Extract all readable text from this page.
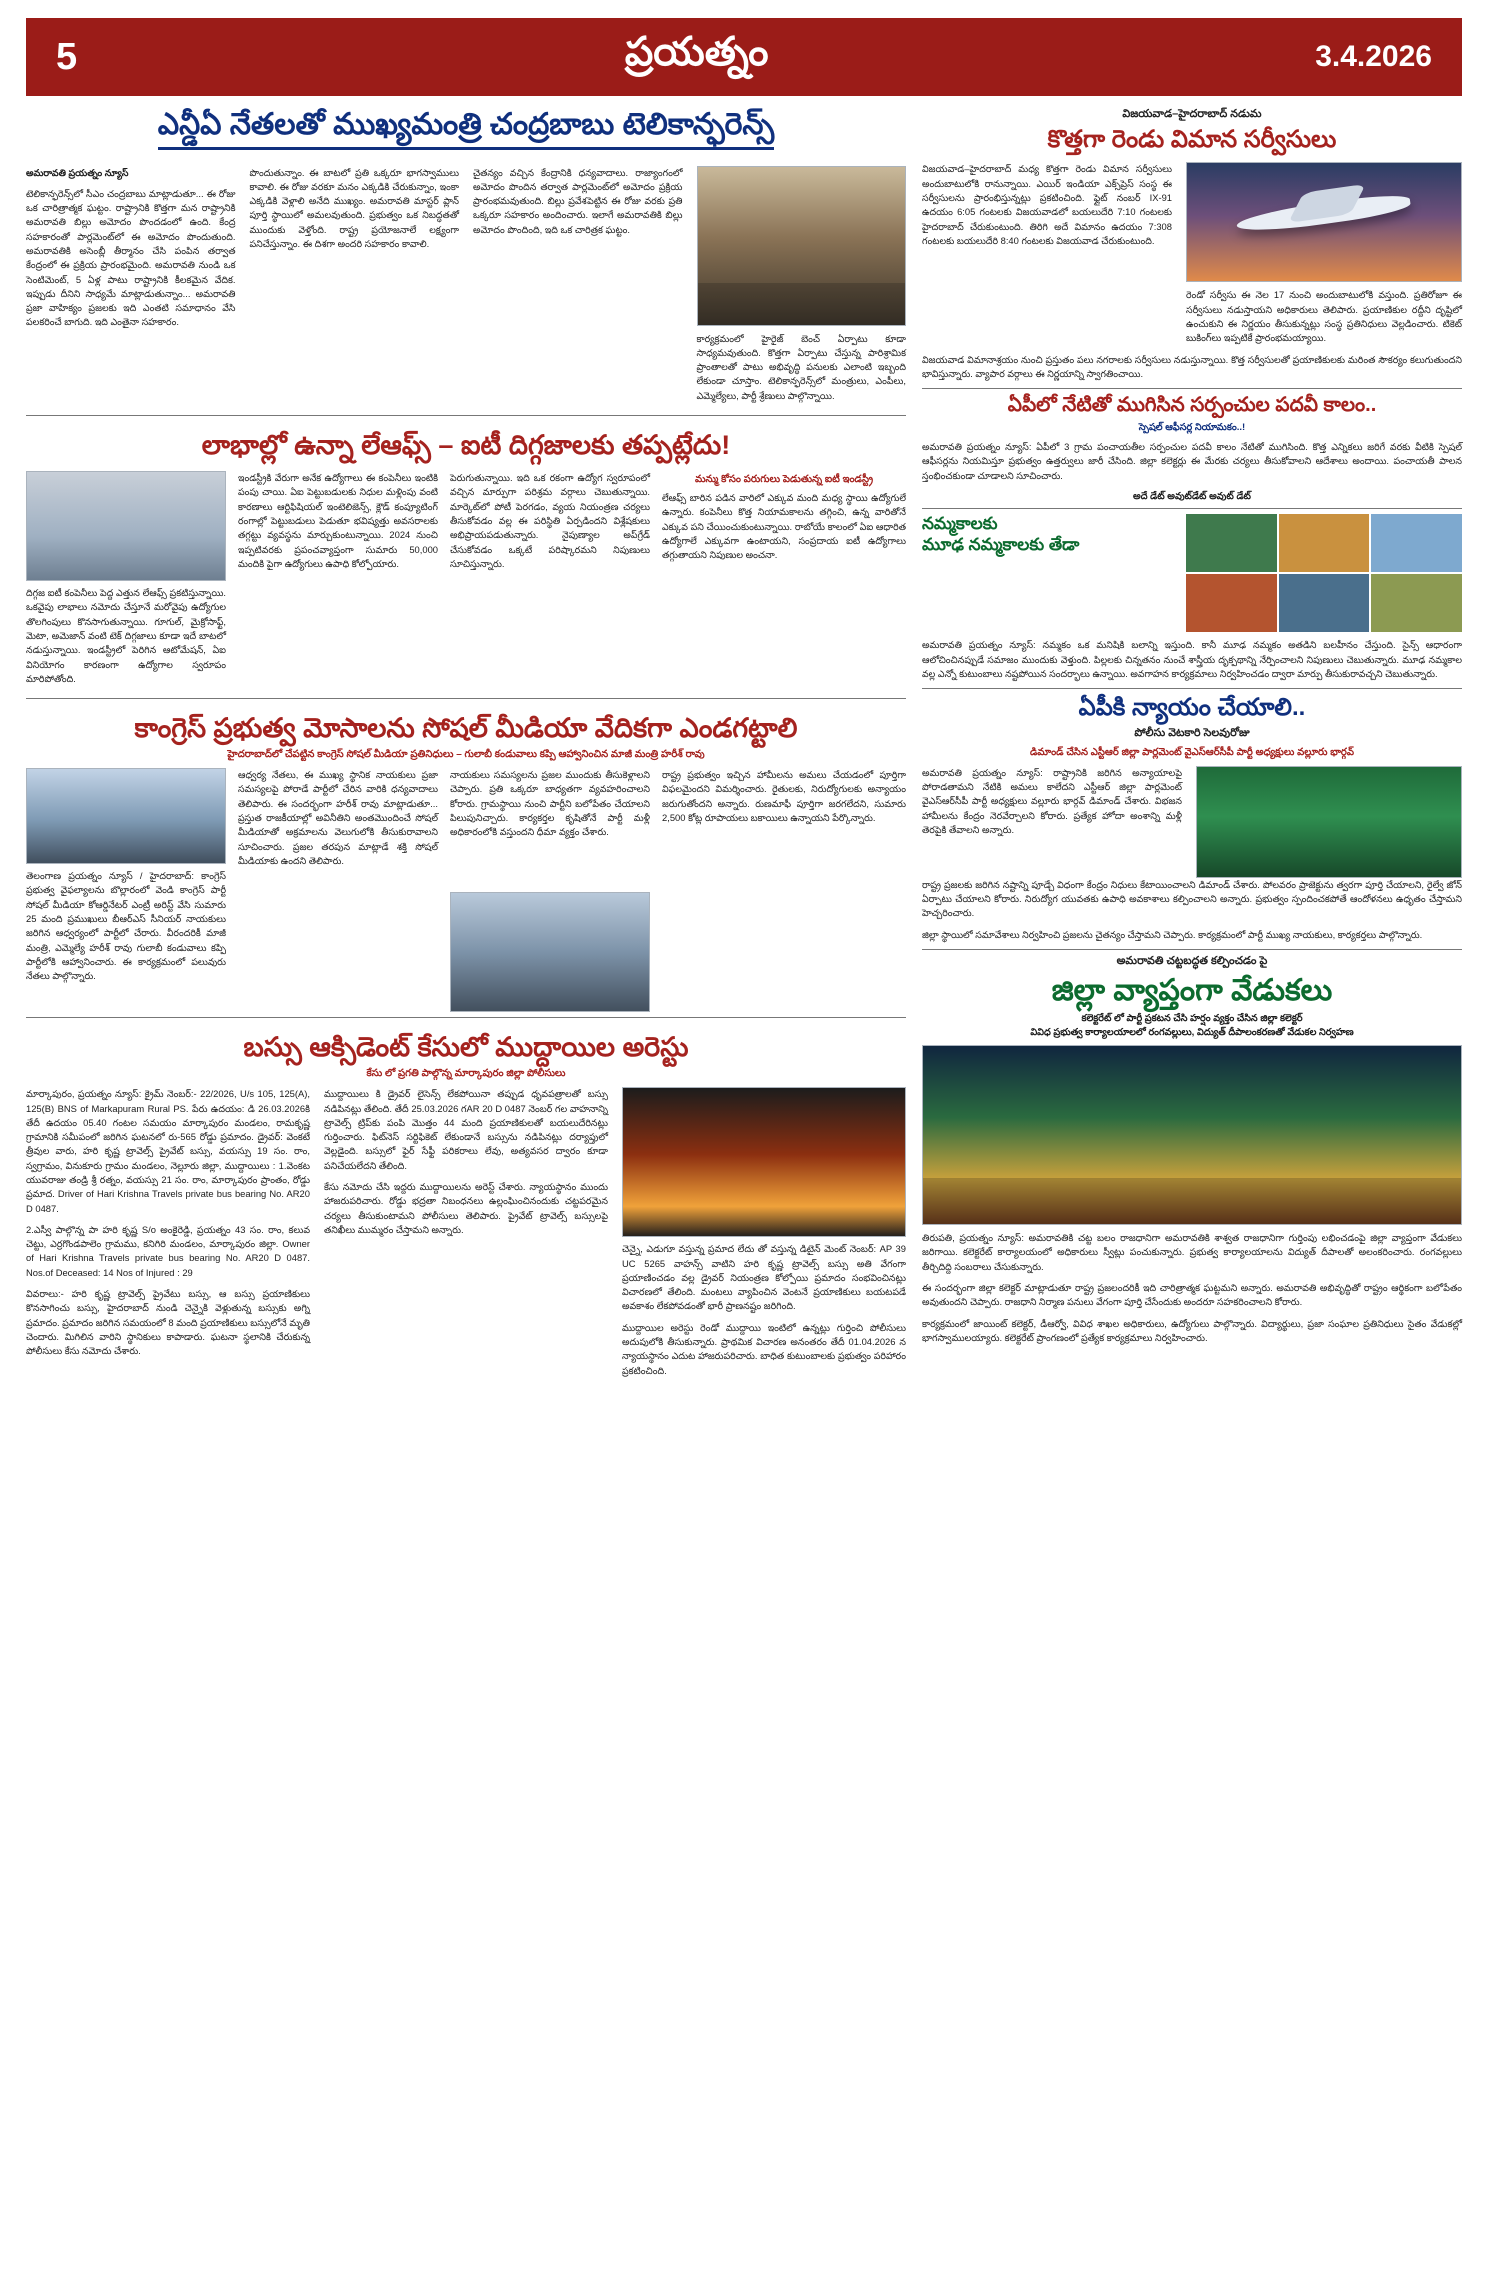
5	ప్రయత్నం	3.4.2026
ఎన్డీఏ నేతలతో ముఖ్యమంత్రి చంద్రబాబు టెలికాన్ఫరెన్స్

అమరావతి ప్రయత్నం న్యూస్

టెలికాన్ఫరెన్స్‌లో సీఎం చంద్రబాబు మాట్లాడుతూ... ఈ రోజు ఒక చారిత్రాత్మక ఘట్టం. రాష్ట్రానికి కొత్తగా మన రాష్ట్రానికి అమరావతి బిల్లు అమోదం పొందడంలో ఉంది. కేంద్ర సహకారంతో పార్లమెంట్‌లో ఈ అమోదం పొందుతుంది. అమరావతికి అసెంబ్లీ తీర్మానం చేసి పంపిన తర్వాత కేంద్రంలో ఈ ప్రక్రియ ప్రారంభమైంది. అమరావతి నుండి ఒక సెంటిమెంట్, 5 ఏళ్ల పాటు రాష్ట్రానికి కీలకమైన వేదిక. ఇప్పుడు దీనిని సాధ్యమే మాట్లాడుతున్నాం... అమరావతి ప్రజా వాహిక్యం ప్రజలకు ఇది ఎంతటి సమాధానం వేసి పలకరించే బాగుది. ఇది ఎంతైనా సహకారం.

పొందుతున్నాం. ఈ బాటలో ప్రతి ఒక్కరూ భాగస్వాములు కావాలి. ఈ రోజు వరకూ మనం ఎక్కడికి చేరుకున్నాం, ఇంకా ఎక్కడికి వెళ్లాలి అనేది ముఖ్యం. అమరావతి మాస్టర్ ప్లాన్ పూర్తి స్థాయిలో అమలవుతుంది. ప్రభుత్వం ఒక నిబద్ధతతో ముందుకు వెళ్తోంది. రాష్ట్ర ప్రయోజనాలే లక్ష్యంగా పనిచేస్తున్నాం. ఈ దిశగా అందరి సహకారం కావాలి.

చైతన్యం వచ్చిన కేంద్రానికి ధన్యవాదాలు. రాజ్యాంగంలో అమోదం పొందిన తర్వాత పార్లమెంట్‌లో అమోదం ప్రక్రియ ప్రారంభమవుతుంది. బిల్లు ప్రవేశపెట్టిన ఈ రోజు వరకు ప్రతి ఒక్కరూ సహకారం అందించారు. ఇలాగే అమరావతికి బిల్లు అమోదం పొందింది, ఇది ఒక చారిత్రక ఘట్టం.

కార్యక్రమంలో హైరైజ్ బెంచ్ ఏర్పాటు కూడా సాధ్యమవుతుంది. కొత్తగా ఏర్పాటు చేస్తున్న పారిశ్రామిక ప్రాంతాలతో పాటు అభివృద్ధి పనులకు ఎలాంటి ఇబ్బంది లేకుండా చూస్తాం. టెలికాన్ఫరెన్స్‌లో మంత్రులు, ఎంపీలు, ఎమ్మెల్యేలు, పార్టీ శ్రేణులు పాల్గొన్నాయి.

లాభాల్లో ఉన్నా లేఆఫ్స్ – ఐటీ దిగ్గజాలకు తప్పట్లేదు!

దిగ్గజ ఐటీ కంపెనీలు పెద్ద ఎత్తున లేఆఫ్స్ ప్రకటిస్తున్నాయి. ఒకవైపు లాభాలు నమోదు చేస్తూనే మరోవైపు ఉద్యోగుల తొలగింపులు కొనసాగుతున్నాయి. గూగుల్, మైక్రోసాఫ్ట్, మెటా, అమెజాన్ వంటి టెక్ దిగ్గజాలు కూడా ఇదే బాటలో నడుస్తున్నాయి. ఇండస్ట్రీలో పెరిగిన ఆటోమేషన్, ఏఐ వినియోగం కారణంగా ఉద్యోగాల స్వరూపం మారిపోతోంది.

ఇండస్ట్రీకి వేరుగా అనేక ఉద్యోగాలు ఈ కంపెనీలు ఇంటికి పంపు చాయి. ఏఐ పెట్టుబడులకు నిధుల మళ్లింపు వంటి కారణాలు ఆర్టిఫిషియల్ ఇంటెలిజెన్స్, క్లౌడ్ కంప్యూటింగ్ రంగాల్లో పెట్టుబడులు పెడుతూ భవిష్యత్తు అవసరాలకు తగ్గట్టు వ్యవస్థను మార్చుకుంటున్నాయి. 2024 నుంచి ఇప్పటివరకు ప్రపంచవ్యాప్తంగా సుమారు 50,000 మందికి పైగా ఉద్యోగులు ఉపాధి కోల్పోయారు.

పెరుగుతున్నాయి. ఇది ఒక రకంగా ఉద్యోగ స్వరూపంలో వచ్చిన మార్పుగా పరిశ్రమ వర్గాలు చెబుతున్నాయి. మార్కెట్‌లో పోటీ పెరగడం, వ్యయ నియంత్రణ చర్యలు తీసుకోవడం వల్ల ఈ పరిస్థితి ఏర్పడిందని విశ్లేషకులు అభిప్రాయపడుతున్నారు. నైపుణ్యాల అప్‌గ్రేడ్ చేసుకోవడం ఒక్కటే పరిష్కారమని నిపుణులు సూచిస్తున్నారు.

మన్ము కోసం పరుగులు పెడుతున్న ఐటీ ఇండస్ట్రీ

లేఆఫ్స్ బారిన పడిన వారిలో ఎక్కువ మంది మధ్య స్థాయి ఉద్యోగులే ఉన్నారు. కంపెనీలు కొత్త నియామకాలను తగ్గించి, ఉన్న వారితోనే ఎక్కువ పని చేయించుకుంటున్నాయి. రాబోయే కాలంలో ఏఐ ఆధారిత ఉద్యోగాలే ఎక్కువగా ఉంటాయని, సంప్రదాయ ఐటీ ఉద్యోగాలు తగ్గుతాయని నిపుణుల అంచనా.

కాంగ్రెస్ ప్రభుత్వ మోసాలను సోషల్ మీడియా వేదికగా ఎండగట్టాలి
హైదరాబాద్‌లో చేపట్టిన కాంగ్రెస్ సోషల్ మీడియా ప్రతినిధులు – గులాబీ కండువాలు కప్పి ఆహ్వానించిన మాజీ మంత్రి హరీశ్ రావు

తెలంగాణ ప్రయత్నం న్యూస్ / హైదరాబాద్: కాంగ్రెస్ ప్రభుత్వ వైఫల్యాలను బొల్లారంలో వెండి కాంగ్రెస్ పార్టీ సోషల్ మీడియా కోఆర్డినేటర్ ఎంట్రీ అరిస్ట్ వేసి సుమారు 25 మంది ప్రముఖులు బీఆర్ఎస్ సీనియర్ నాయకులు జరిగిన ఆధ్వర్యంలో పార్టీలో చేరారు. వీరందరికీ మాజీ మంత్రి, ఎమ్మెల్యే హరీశ్ రావు గులాబీ కండువాలు కప్పి పార్టీలోకి ఆహ్వానించారు. ఈ కార్యక్రమంలో పలువురు నేతలు పాల్గొన్నారు.

ఆధ్వర్య నేతలు, ఈ ముఖ్య స్థానిక నాయకులు ప్రజా సమస్యలపై పోరాడే పార్టీలో చేరిన వారికి ధన్యవాదాలు తెలిపారు. ఈ సందర్భంగా హరీశ్ రావు మాట్లాడుతూ... ప్రస్తుత రాజకీయాల్లో అవినీతిని అంతమొందించే సోషల్ మీడియాతో అక్రమాలను వెలుగులోకి తీసుకురావాలని సూచించారు. ప్రజల తరపున మాట్లాడే శక్తి సోషల్ మీడియాకు ఉందని తెలిపారు.

నాయకులు సమస్యలను ప్రజల ముందుకు తీసుకెళ్లాలని చెప్పారు. ప్రతి ఒక్కరూ బాధ్యతగా వ్యవహరించాలని కోరారు. గ్రామస్థాయి నుంచి పార్టీని బలోపేతం చేయాలని పిలుపునిచ్చారు. కార్యకర్తల కృషితోనే పార్టీ మళ్లీ అధికారంలోకి వస్తుందని ధీమా వ్యక్తం చేశారు.

రాష్ట్ర ప్రభుత్వం ఇచ్చిన హామీలను అమలు చేయడంలో పూర్తిగా విఫలమైందని విమర్శించారు. రైతులకు, నిరుద్యోగులకు అన్యాయం జరుగుతోందని అన్నారు. రుణమాఫీ పూర్తిగా జరగలేదని, సుమారు 2,500 కోట్ల రూపాయలు బకాయిలు ఉన్నాయని పేర్కొన్నారు.

బస్సు ఆక్సిడెంట్ కేసులో ముద్దాయిల అరెస్టు
కేసు లో ప్రగతి పాల్గొన్న మార్కాపురం జిల్లా పోలీసులు

మార్కాపురం, ప్రయత్నం న్యూస్: క్రైమ్ నెంబర్:- 22/2026, U/s 105, 125(A), 125(B) BNS of Markapuram Rural PS. పేరు ఉదయం: డి 26.03.2026కి తేదీ ఉదయం 05.40 గంటల సమయం మార్కాపురం మండలం, రామకృష్ణ గ్రామానికి సమీపంలో జరిగిన ఘటనలో రు-565 రోడ్డు ప్రమాదం. డ్రైవర్: వెంకటే త్రీవుల వారు, హరి కృష్ణ ట్రావెల్స్ ప్రైవేట్ బస్సు, వయస్సు 19 సం. రాం, స్వగ్రామం, వినుకూరు గ్రామం మండలం, నెల్లూరు జిల్లా, ముద్దాయిలు : 1.వెంకట యువరాజు తండ్రి శ్రీ రత్నం, వయస్సు 21 సం. రాం, మార్కాపురం ప్రాంతం, రోడ్డు ప్రమాద. Driver of Hari Krishna Travels private bus bearing No. AR20 D 0487.

2.ఎస్వీ పాల్గొన్న పా హరి కృష్ణ S/o అంకైరెడ్డి, ప్రయత్నం 43 సం. రాం, కలువ చెట్టు, ఎర్రగొండపాలెం గ్రామము, కనిగిరి మండలం, మార్కాపురం జిల్లా. Owner of Hari Krishna Travels private bus bearing No. AR20 D 0487. Nos.of Deceased: 14 Nos of Injured : 29

వివరాలు:- హరి కృష్ణ ట్రావెల్స్ ప్రైవేటు బస్సు, ఆ బస్సు ప్రయాణికులు కొనసాగించు బస్సు, హైదరాబాద్ నుండి చెన్నైకి వెళ్లుతున్న బస్సుకు అగ్ని ప్రమాదం. ప్రమాదం జరిగిన సమయంలో 8 మంది ప్రయాణికులు బస్సులోనే మృతి చెందారు. మిగిలిన వారిని స్థానికులు కాపాడారు. ఘటనా స్థలానికి చేరుకున్న పోలీసులు కేసు నమోదు చేశారు.

ముద్దాయిలు కి డ్రైవర్ లైసెన్స్ లేకపోయినా తప్పుడ ధృవపత్రాలతో బస్సు నడిపినట్లు తేలింది. తేదీ 25.03.2026 గAR 20 D 0487 నెంబర్ గల వాహనాన్ని ట్రావెల్స్ ట్రిప్‌కు పంపి మొత్తం 44 మంది ప్రయాణికులతో బయలుదేరినట్లు గుర్తించారు. ఫిట్‌నెస్ సర్టిఫికెట్ లేకుండానే బస్సును నడిపినట్లు దర్యాప్తులో వెల్లడైంది. బస్సులో ఫైర్ సేఫ్టీ పరికరాలు లేవు, అత్యవసర ద్వారం కూడా పనిచేయలేదని తేలింది.

కేసు నమోదు చేసి ఇద్దరు ముద్దాయిలను అరెస్ట్ చేశారు. న్యాయస్థానం ముందు హాజరుపరిచారు. రోడ్డు భద్రతా నిబంధనలు ఉల్లంఘించినందుకు చట్టపరమైన చర్యలు తీసుకుంటామని పోలీసులు తెలిపారు. ప్రైవేట్ ట్రావెల్స్ బస్సులపై తనిఖీలు ముమ్మరం చేస్తామని అన్నారు.

చెన్నై, ఎడుగూ వస్తున్న ప్రమాద లేదు తో వస్తున్న డిటైన్ మెంట్ నెంబర్: AP 39 UC 5265 వాహన్స్ వాటిని హరి కృష్ణ ట్రావెల్స్ బస్సు అతి వేగంగా ప్రయాణించడం వల్ల డ్రైవర్ నియంత్రణ కోల్పోయి ప్రమాదం సంభవించినట్లు విచారణలో తేలింది. మంటలు వ్యాపించిన వెంటనే ప్రయాణికులు బయటపడే అవకాశం లేకపోవడంతో భారీ ప్రాణనష్టం జరిగింది.

ముద్దాయిల అరెస్టు రెండో ముద్దాయి ఇంటిలో ఉన్నట్లు గుర్తించి పోలీసులు అదుపులోకి తీసుకున్నారు. ప్రాథమిక విచారణ అనంతరం తేదీ 01.04.2026 న న్యాయస్థానం ఎదుట హాజరుపరిచారు. బాధిత కుటుంబాలకు ప్రభుత్వం పరిహారం ప్రకటించింది.

విజయవాడ–హైదరాబాద్ నడుమ
కొత్తగా రెండు విమాన సర్వీసులు

విజయవాడ–హైదరాబాద్ మధ్య కొత్తగా రెండు విమాన సర్వీసులు అందుబాటులోకి రానున్నాయి. ఎయిర్ ఇండియా ఎక్స్‌ప్రెస్ సంస్థ ఈ సర్వీసులను ప్రారంభిస్తున్నట్లు ప్రకటించింది. ఫ్లైట్ నంబర్ IX-91 ఉదయం 6:05 గంటలకు విజయవాడలో బయలుదేరి 7:10 గంటలకు హైదరాబాద్ చేరుకుంటుంది. తిరిగి అదే విమానం ఉదయం 7:308 గంటలకు బయలుదేరి 8:40 గంటలకు విజయవాడ చేరుకుంటుంది.

రెండో సర్వీసు ఈ నెల 17 నుంచి అందుబాటులోకి వస్తుంది. ప్రతిరోజూ ఈ సర్వీసులు నడుస్తాయని అధికారులు తెలిపారు. ప్రయాణికుల రద్దీని దృష్టిలో ఉంచుకుని ఈ నిర్ణయం తీసుకున్నట్లు సంస్థ ప్రతినిధులు వెల్లడించారు. టికెట్ బుకింగ్‌లు ఇప్పటికే ప్రారంభమయ్యాయి.

విజయవాడ విమానాశ్రయం నుంచి ప్రస్తుతం పలు నగరాలకు సర్వీసులు నడుస్తున్నాయి. కొత్త సర్వీసులతో ప్రయాణికులకు మరింత సౌకర్యం కలుగుతుందని భావిస్తున్నారు. వ్యాపార వర్గాలు ఈ నిర్ణయాన్ని స్వాగతించాయి.

ఏపీలో నేటితో ముగిసిన సర్పంచుల పదవీ కాలం..
స్పెషల్ ఆఫీసర్ల నియామకం..!

అమరావతి ప్రయత్నం న్యూస్: ఏపీలో 3 గ్రామ పంచాయతీల సర్పంచుల పదవీ కాలం నేటితో ముగిసింది. కొత్త ఎన్నికలు జరిగే వరకు వీటికి స్పెషల్ ఆఫీసర్లను నియమిస్తూ ప్రభుత్వం ఉత్తర్వులు జారీ చేసింది. జిల్లా కలెక్టర్లు ఈ మేరకు చర్యలు తీసుకోవాలని ఆదేశాలు అందాయి. పంచాయతీ పాలన స్తంభించకుండా చూడాలని సూచించారు.

అదే డేట్ అవుట్‌డేట్ అవుట్ డేట్
నమ్మకాలకు
మూఢ నమ్మకాలకు తేడా

అమరావతి ప్రయత్నం న్యూస్: నమ్మకం ఒక మనిషికి బలాన్ని ఇస్తుంది. కానీ మూఢ నమ్మకం అతడిని బలహీనం చేస్తుంది. సైన్స్ ఆధారంగా ఆలోచించినప్పుడే సమాజం ముందుకు వెళ్తుంది. పిల్లలకు చిన్నతనం నుంచే శాస్త్రీయ దృక్పథాన్ని నేర్పించాలని నిపుణులు చెబుతున్నారు. మూఢ నమ్మకాల వల్ల ఎన్నో కుటుంబాలు నష్టపోయిన సందర్భాలు ఉన్నాయి. అవగాహన కార్యక్రమాలు నిర్వహించడం ద్వారా మార్పు తీసుకురావచ్చని చెబుతున్నారు.

ఏపీకి న్యాయం చేయాలి..
పోలీసు వెటకారి సెలవురోజు
డిమాండ్ చేసిన ఎస్టీఆర్ జిల్లా పార్లమెంట్ వైఎస్ఆర్‌సీపీ పార్టీ అధ్యక్షులు వల్లూరు భార్గవ్

అమరావతి ప్రయత్నం న్యూస్: రాష్ట్రానికి జరిగిన అన్యాయాలపై పోరాడతామని నేటికి అమలు కాలేదని ఎస్టీఆర్ జిల్లా పార్లమెంట్ వైఎస్ఆర్‌సీపీ పార్టీ అధ్యక్షులు వల్లూరు భార్గవ్ డిమాండ్ చేశారు. విభజన హామీలను కేంద్రం నెరవేర్చాలని కోరారు. ప్రత్యేక హోదా అంశాన్ని మళ్లీ తెరపైకి తేవాలని అన్నారు.

రాష్ట్ర ప్రజలకు జరిగిన నష్టాన్ని పూడ్చే విధంగా కేంద్రం నిధులు కేటాయించాలని డిమాండ్ చేశారు. పోలవరం ప్రాజెక్టును త్వరగా పూర్తి చేయాలని, రైల్వే జోన్ ఏర్పాటు చేయాలని కోరారు. నిరుద్యోగ యువతకు ఉపాధి అవకాశాలు కల్పించాలని అన్నారు. ప్రభుత్వం స్పందించకపోతే ఆందోళనలు ఉధృతం చేస్తామని హెచ్చరించారు.

జిల్లా స్థాయిలో సమావేశాలు నిర్వహించి ప్రజలను చైతన్యం చేస్తామని చెప్పారు. కార్యక్రమంలో పార్టీ ముఖ్య నాయకులు, కార్యకర్తలు పాల్గొన్నారు.

అమరావతి చట్టబద్ధత కల్పించడం పై
జిల్లా వ్యాప్తంగా వేడుకలు
కలెక్టరేట్ లో పార్టీ ప్రకటన చేసి హర్షం వ్యక్తం చేసిన జిల్లా కలెక్టర్
వివిధ ప్రభుత్వ కార్యాలయాలలో రంగవల్లులు, విద్యుత్ దీపాలంకరణతో వేడుకల నిర్వహణ

తిరుపతి, ప్రయత్నం న్యూస్: అమరావతికి చట్ట బలం రాజధానిగా అమరావతికి శాశ్వత రాజధానిగా గుర్తింపు లభించడంపై జిల్లా వ్యాప్తంగా వేడుకలు జరిగాయి. కలెక్టరేట్ కార్యాలయంలో అధికారులు స్వీట్లు పంచుకున్నారు. ప్రభుత్వ కార్యాలయాలను విద్యుత్ దీపాలతో అలంకరించారు. రంగవల్లులు తీర్చిదిద్ది సంబరాలు చేసుకున్నారు.

ఈ సందర్భంగా జిల్లా కలెక్టర్ మాట్లాడుతూ రాష్ట్ర ప్రజలందరికీ ఇది చారిత్రాత్మక ఘట్టమని అన్నారు. అమరావతి అభివృద్ధితో రాష్ట్రం ఆర్థికంగా బలోపేతం అవుతుందని చెప్పారు. రాజధాని నిర్మాణ పనులు వేగంగా పూర్తి చేసేందుకు అందరూ సహకరించాలని కోరారు.

కార్యక్రమంలో జాయింట్ కలెక్టర్, డీఆర్వో, వివిధ శాఖల అధికారులు, ఉద్యోగులు పాల్గొన్నారు. విద్యార్థులు, ప్రజా సంఘాల ప్రతినిధులు సైతం వేడుకల్లో భాగస్వాములయ్యారు. కలెక్టరేట్ ప్రాంగణంలో ప్రత్యేక కార్యక్రమాలు నిర్వహించారు.
